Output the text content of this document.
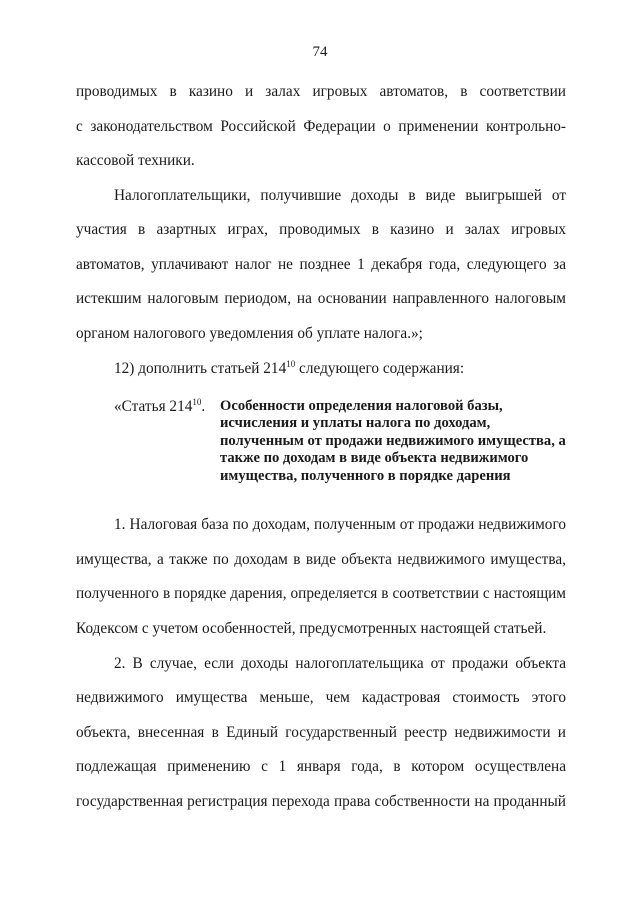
74
проводимых в казино и залах игровых автоматов, в соответствии
с законодательством Российской Федерации о применении контрольно-
кассовой техники.
Налогоплательщики, получившие доходы в виде выигрышей от
участия в азартных играх, проводимых в казино и залах игровых
автоматов, уплачивают налог не позднее 1 декабря года, следующего за
истекшим налоговым периодом, на основании направленного налоговым
органом налогового уведомления об уплате налога.»;
12) дополнить статьей $214^{10}$ следующего содержания:
«Статья $214^{10}$. Особенности определения налоговой базы, исчисления и уплаты налога по доходам, полученным от продажи недвижимого имущества, а также по доходам в виде объекта недвижимого имущества, полученного в порядке дарения

1. Налоговая база по доходам, полученным от продажи недвижимого
имущества, а также по доходам в виде объекта недвижимого имущества,
полученного в порядке дарения, определяется в соответствии с настоящим
Кодексом с учетом особенностей, предусмотренных настоящей статьей.
2. В случае, если доходы налогоплательщика от продажи объекта
недвижимого имущества меньше, чем кадастровая стоимость этого
объекта, внесенная в Единый государственный реестр недвижимости и
подлежащая применению с 1 января года, в котором осуществлена
государственная регистрация перехода права собственности на проданный
